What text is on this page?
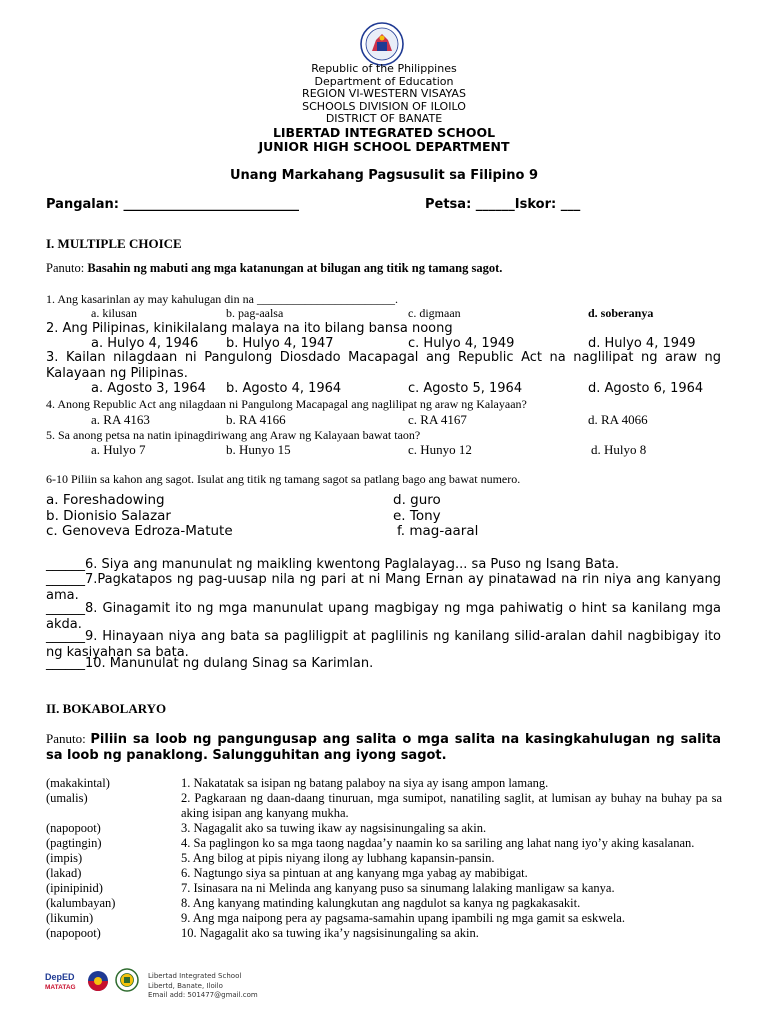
Republic of the Philippines
Department of Education
REGION VI-WESTERN VISAYAS
SCHOOLS DIVISION OF ILOILO
DISTRICT OF BANATE
LIBERTAD INTEGRATED SCHOOL
JUNIOR HIGH SCHOOL DEPARTMENT
Unang Markahang Pagsusulit sa Filipino 9
Pangalan: ___________________________	Petsa: ______Iskor: ___
I. MULTIPLE CHOICE
Panuto: Basahin ng mabuti ang mga katanungan at bilugan ang titik ng tamang sagot.
1. Ang kasarinlan ay may kahulugan din na _______________________.
a. kilusan	b. pag-aalsa	c. digmaan	d. soberanya
2. Ang Pilipinas, kinikilalang malaya na ito bilang bansa noong
a. Hulyo 4, 1946 b. Hulyo 4, 1947	c. Hulyo 4, 1949	d. Hulyo 4, 1949
3. Kailan nilagdaan ni Pangulong Diosdado Macapagal ang Republic Act na naglilipat ng araw ng Kalayaan ng Pilipinas.
a. Agosto 3, 1964 b. Agosto 4, 1964	c. Agosto 5, 1964	d. Agosto 6, 1964
4. Anong Republic Act ang nilagdaan ni Pangulong Macapagal ang naglilipat ng araw ng Kalayaan?
a. RA 4163	b. RA 4166	c. RA 4167	d. RA 4066
5. Sa anong petsa na natin ipinagdiriwang ang Araw ng Kalayaan bawat taon?
a. Hulyo 7	b. Hunyo 15	c. Hunyo 12	d. Hulyo 8
6-10 Piliin sa kahon ang sagot. Isulat ang titik ng tamang sagot sa patlang bago ang bawat numero.
a. Foreshadowing
b. Dionisio Salazar
c. Genoveva Edroza-Matute
d. guro
e. Tony
f. mag-aaral
______6. Siya ang manunulat ng maikling kwentong Paglalayag... sa Puso ng Isang Bata.
______7.Pagkatapos ng pag-uusap nila ng pari at ni Mang Ernan ay pinatawad na rin niya ang kanyang ama.
______8. Ginagamit ito ng mga manunulat upang magbigay ng mga pahiwatig o hint sa kanilang mga akda.
______9. Hinayaan niya ang bata sa pagliligpit at paglilinis ng kanilang silid-aralan dahil nagbibigay ito ng kasiyahan sa bata.
______10. Manunulat ng dulang Sinag sa Karimlan.
II. BOKABOLARYO
Panuto: Piliin sa loob ng pangungusap ang salita o mga salita na kasingkahulugan ng salita sa loob ng panaklong. Salungguhitan ang iyong sagot.
(makakintal)	1. Nakatatak sa isipan ng batang palaboy na siya ay isang ampon lamang.
(umalis)	2. Pagkaraan ng daan-daang tinuruan, mga sumipot, nanatiling saglit, at lumisan ay buhay na buhay pa sa aking isipan ang kanyang mukha.
(napopoot)	3. Nagagalit ako sa tuwing ikaw ay nagsisinungaling sa akin.
(pagtingin)	4. Sa paglingon ko sa mga taong nagdaa’y naamin ko sa sariling ang lahat nang iyo’y aking kasalanan.
(impis)	5. Ang bilog at pipis niyang ilong ay lubhang kapansin-pansin.
(lakad)	6. Nagtungo siya sa pintuan at ang kanyang mga yabag ay mabibigat.
(ipinipinid)	7. Isinasara na ni Melinda ang kanyang puso sa sinumang lalaking manligaw sa kanya.
(kalumbayan)	8. Ang kanyang matinding kalungkutan ang nagdulot sa kanya ng pagkakasakit.
(likumin)	9. Ang mga naipong pera ay pagsama-samahin upang ipambili ng mga gamit sa eskwela.
(napopoot)	10. Nagagalit ako sa tuwing ika’y nagsisinungaling sa akin.
DepED
MATATAG
Libertad Integrated School
Libertd, Banate, Iloilo
Email add: 501477@gmail.com
